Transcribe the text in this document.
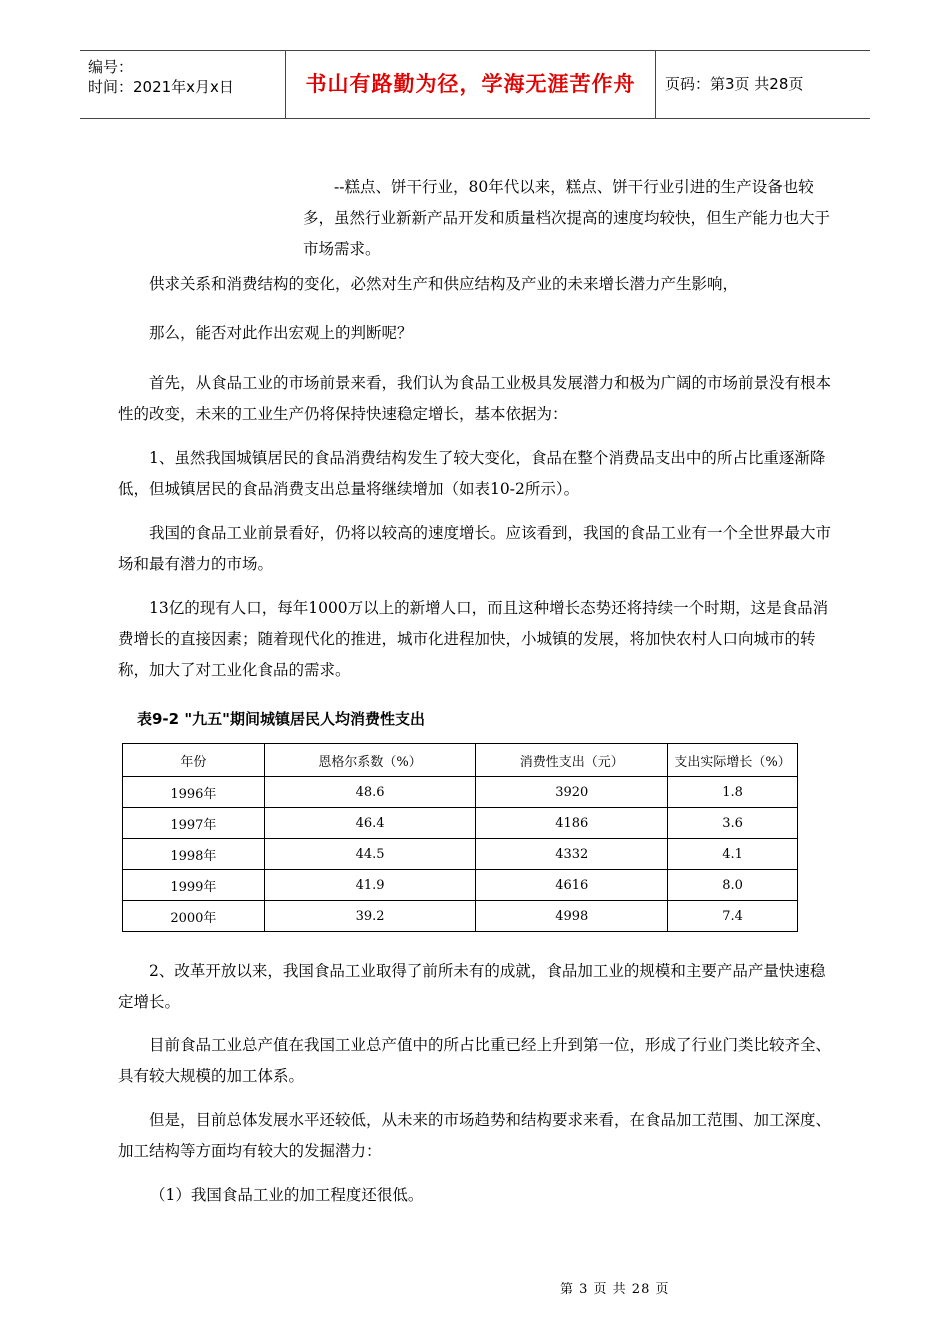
编号：
时间：2021年x月x日	书山有路勤为径，学海无涯苦作舟	页码：第3页 共28页

--糕点、饼干行业，80年代以来，糕点、饼干行业引进的生产设备也较多，虽然行业新新产品开发和质量档次提高的速度均较快，但生产能力也大于市场需求。

供求关系和消费结构的变化，必然对生产和供应结构及产业的未来增长潜力产生影响，

那么，能否对此作出宏观上的判断呢？

首先，从食品工业的市场前景来看，我们认为食品工业极具发展潜力和极为广阔的市场前景没有根本性的改变，未来的工业生产仍将保持快速稳定增长，基本依据为：

1、虽然我国城镇居民的食品消费结构发生了较大变化，食品在整个消费品支出中的所占比重逐渐降低，但城镇居民的食品消费支出总量将继续增加（如表10-2所示）。

我国的食品工业前景看好，仍将以较高的速度增长。应该看到，我国的食品工业有一个全世界最大市场和最有潜力的市场。

13亿的现有人口，每年1000万以上的新增人口，而且这种增长态势还将持续一个时期，这是食品消费增长的直接因素；随着现代化的推进，城市化进程加快，小城镇的发展，将加快农村人口向城市的转称，加大了对工业化食品的需求。

表9-2 "九五"期间城镇居民人均消费性支出
年份	恩格尔系数（%）	消费性支出（元）	支出实际增长（%）
1996年	48.6	3920	1.8
1997年	46.4	4186	3.6
1998年	44.5	4332	4.1
1999年	41.9	4616	8.0
2000年	39.2	4998	7.4

2、改革开放以来，我国食品工业取得了前所未有的成就，食品加工业的规模和主要产品产量快速稳定增长。

目前食品工业总产值在我国工业总产值中的所占比重已经上升到第一位，形成了行业门类比较齐全、具有较大规模的加工体系。

但是，目前总体发展水平还较低，从未来的市场趋势和结构要求来看，在食品加工范围、加工深度、加工结构等方面均有较大的发掘潜力：

（1）我国食品工业的加工程度还很低。

第 3 页 共 28 页
